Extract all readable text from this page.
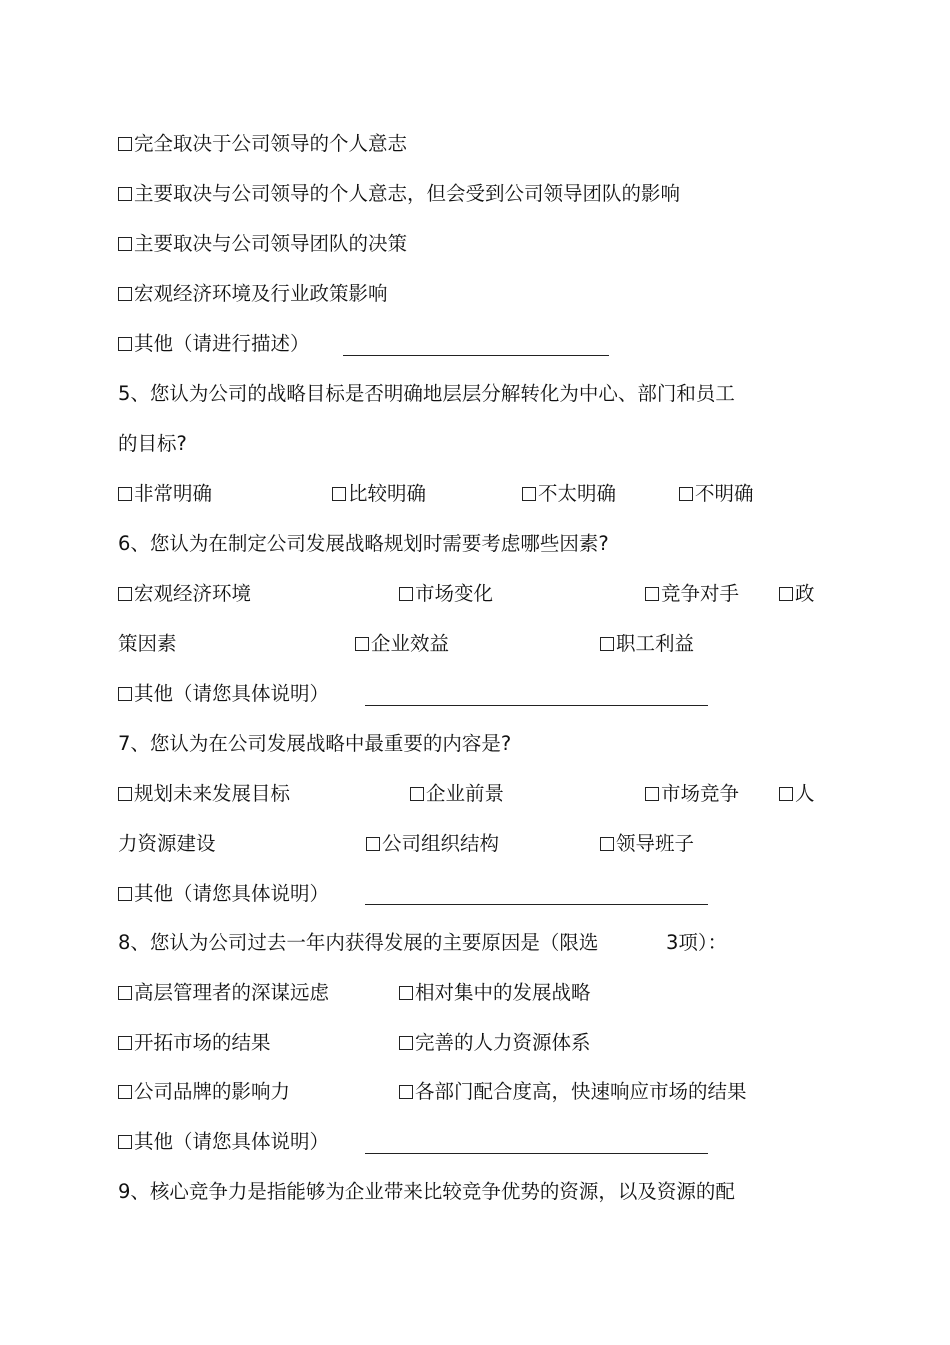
完全取决于公司领导的个人意志
主要取决与公司领导的个人意志，但会受到公司领导团队的影响
主要取决与公司领导团队的决策
宏观经济环境及行业政策影响
其他（请进行描述）
5、您认为公司的战略目标是否明确地层层分解转化为中心、部门和员工
的目标?
非常明确	比较明确	不太明确	不明确
6、您认为在制定公司发展战略规划时需要考虑哪些因素?
宏观经济环境	市场变化	竞争对手	政
策因素	企业效益	职工利益
其他（请您具体说明）
7、您认为在公司发展战略中最重要的内容是?
规划未来发展目标	企业前景	市场竞争	人
力资源建设	公司组织结构	领导班子
其他（请您具体说明）
8、您认为公司过去一年内获得发展的主要原因是（限选	3项）：
高层管理者的深谋远虑	相对集中的发展战略
开拓市场的结果	完善的人力资源体系
公司品牌的影响力	各部门配合度高，快速响应市场的结果
其他（请您具体说明）
9、核心竞争力是指能够为企业带来比较竞争优势的资源，以及资源的配
